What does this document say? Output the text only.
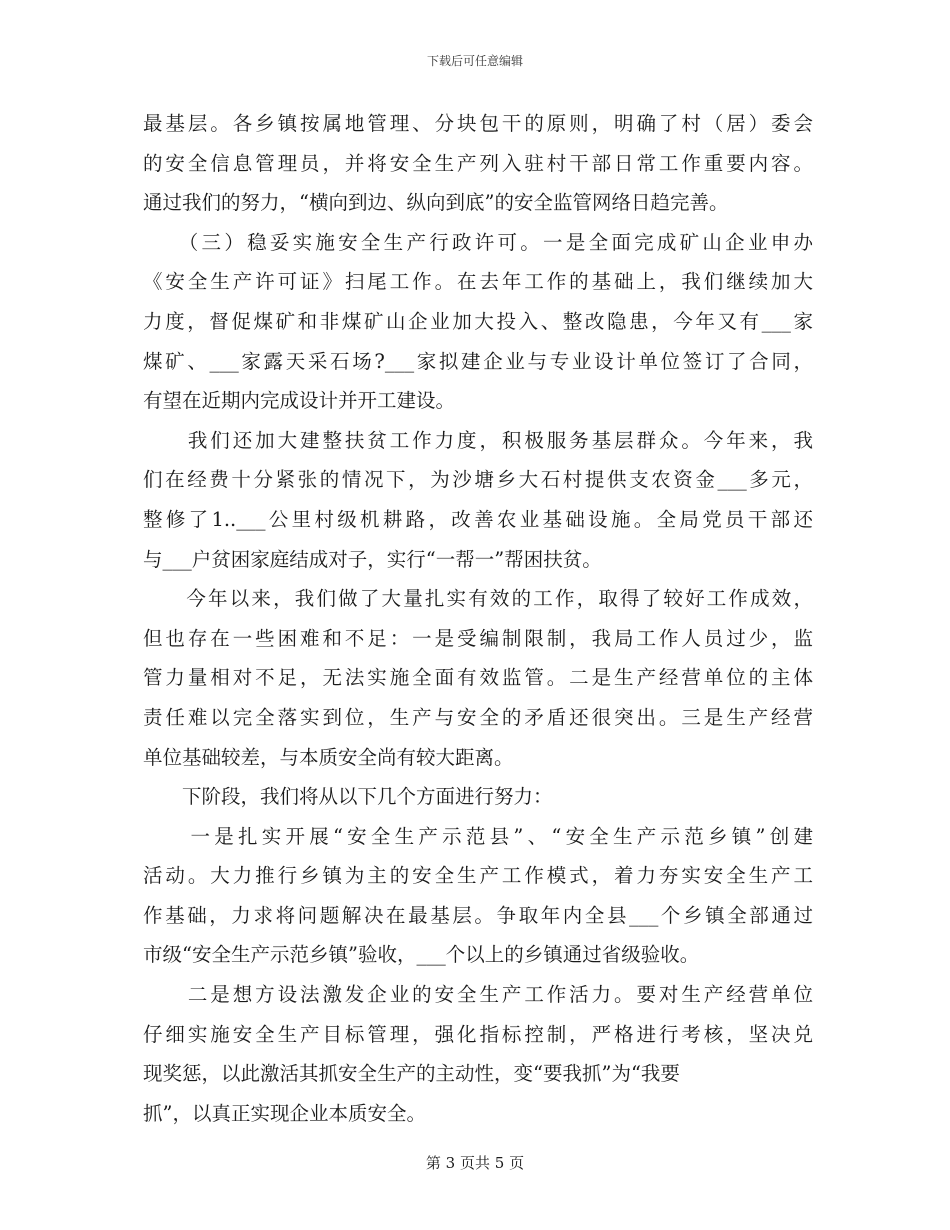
下载后可任意编辑
最基层。各乡镇按属地管理、分块包干的原则，明确了村（居）委会
的安全信息管理员，并将安全生产列入驻村干部日常工作重要内容。
通过我们的努力，“横向到边、纵向到底”的安全监管网络日趋完善。
　　（三）稳妥实施安全生产行政许可。一是全面完成矿山企业申办
《安全生产许可证》扫尾工作。在去年工作的基础上，我们继续加大
力度，督促煤矿和非煤矿山企业加大投入、整改隐患，今年又有___家
煤矿、___家露天采石场?___家拟建企业与专业设计单位签订了合同，
有望在近期内完成设计并开工建设。
　　我们还加大建整扶贫工作力度，积极服务基层群众。今年来，我
们在经费十分紧张的情况下，为沙塘乡大石村提供支农资金___多元，
整修了1..___公里村级机耕路，改善农业基础设施。全局党员干部还
与___户贫困家庭结成对子，实行“一帮一”帮困扶贫。
　　今年以来，我们做了大量扎实有效的工作，取得了较好工作成效，
但也存在一些困难和不足：一是受编制限制，我局工作人员过少，监
管力量相对不足，无法实施全面有效监管。二是生产经营单位的主体
责任难以完全落实到位，生产与安全的矛盾还很突出。三是生产经营
单位基础较差，与本质安全尚有较大距离。
　　下阶段，我们将从以下几个方面进行努力：
　　一是扎实开展“安全生产示范县”、“安全生产示范乡镇”创建
活动。大力推行乡镇为主的安全生产工作模式，着力夯实安全生产工
作基础，力求将问题解决在最基层。争取年内全县___个乡镇全部通过
市级“安全生产示范乡镇”验收，___个以上的乡镇通过省级验收。
　　二是想方设法激发企业的安全生产工作活力。要对生产经营单位
仔细实施安全生产目标管理，强化指标控制，严格进行考核，坚决兑
现奖惩，以此激活其抓安全生产的主动性，变“要我抓”为“我要
抓”，以真正实现企业本质安全。
第 3 页共 5 页
